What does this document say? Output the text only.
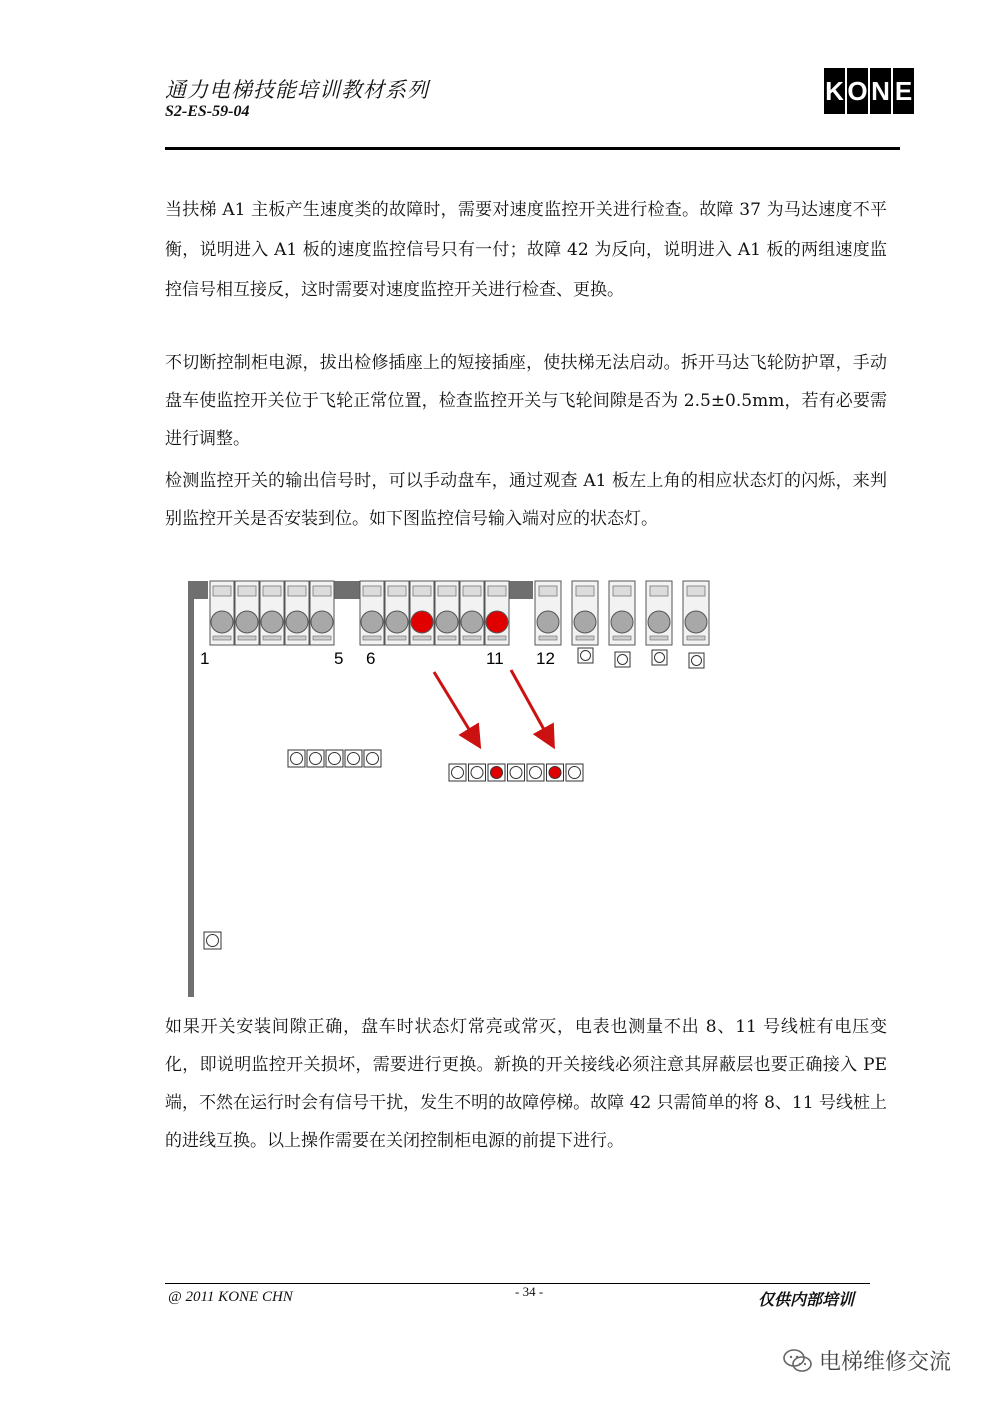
通力电梯技能培训教材系列
S2-ES-59-04
K O N E

当扶梯 A1 主板产生速度类的故障时，需要对速度监控开关进行检查。故障 37 为马达速度不平衡，说明进入 A1 板的速度监控信号只有一付；故障 42 为反向，说明进入 A1 板的两组速度监控信号相互接反，这时需要对速度监控开关进行检查、更换。

不切断控制柜电源，拔出检修插座上的短接插座，使扶梯无法启动。拆开马达飞轮防护罩，手动盘车使监控开关位于飞轮正常位置，检查监控开关与飞轮间隙是否为 2.5±0.5mm，若有必要需进行调整。

检测监控开关的输出信号时，可以手动盘车，通过观查 A1 板左上角的相应状态灯的闪烁，来判别监控开关是否安装到位。如下图监控信号输入端对应的状态灯。

1	5 6	11 12

如果开关安装间隙正确，盘车时状态灯常亮或常灭，电表也测量不出 8、11 号线桩有电压变化，即说明监控开关损坏，需要进行更换。新换的开关接线必须注意其屏蔽层也要正确接入 PE 端，不然在运行时会有信号干扰，发生不明的故障停梯。故障 42 只需简单的将 8、11 号线桩上的进线互换。以上操作需要在关闭控制柜电源的前提下进行。

@ 2011 KONE CHN	- 34 -	仅供内部培训
电梯维修交流
